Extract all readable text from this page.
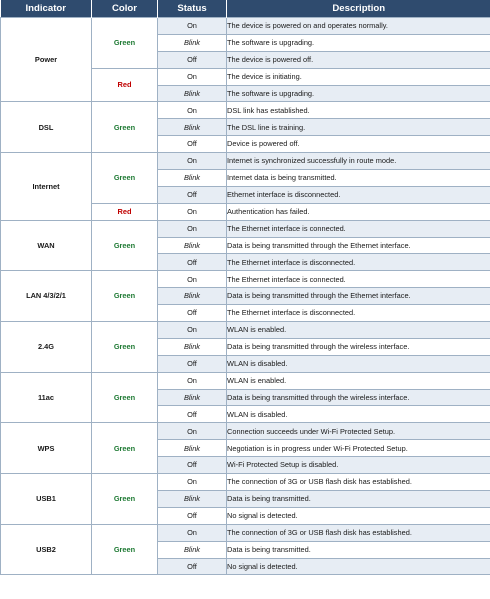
Indicator	Color	Status	Description
Power	Green	On	The device is powered on and operates normally.
		Blink	The software is upgrading.
		Off	The device is powered off.
	Red	On	The device is initiating.
		Blink	The software is upgrading.
DSL	Green	On	DSL link has established.
		Blink	The DSL line is training.
		Off	Device is powered off.
Internet	Green	On	Internet is synchronized successfully in route mode.
		Blink	Internet data is being transmitted.
		Off	Ethernet interface is disconnected.
	Red	On	Authentication has failed.
WAN	Green	On	The Ethernet interface is connected.
		Blink	Data is being transmitted through the Ethernet interface.
		Off	The Ethernet interface is disconnected.
LAN 4/3/2/1	Green	On	The Ethernet interface is connected.
		Blink	Data is being transmitted through the Ethernet interface.
		Off	The Ethernet interface is disconnected.
2.4G	Green	On	WLAN is enabled.
		Blink	Data is being transmitted through the wireless interface.
		Off	WLAN is disabled.
11ac	Green	On	WLAN is enabled.
		Blink	Data is being transmitted through the wireless interface.
		Off	WLAN is disabled.
WPS	Green	On	Connection succeeds under Wi-Fi Protected Setup.
		Blink	Negotiation is in progress under Wi-Fi Protected Setup.
		Off	Wi-Fi Protected Setup is disabled.
USB1	Green	On	The connection of 3G or USB flash disk has established.
		Blink	Data is being transmitted.
		Off	No signal is detected.
USB2	Green	On	The connection of 3G or USB flash disk has established.
		Blink	Data is being transmitted.
		Off	No signal is detected.
